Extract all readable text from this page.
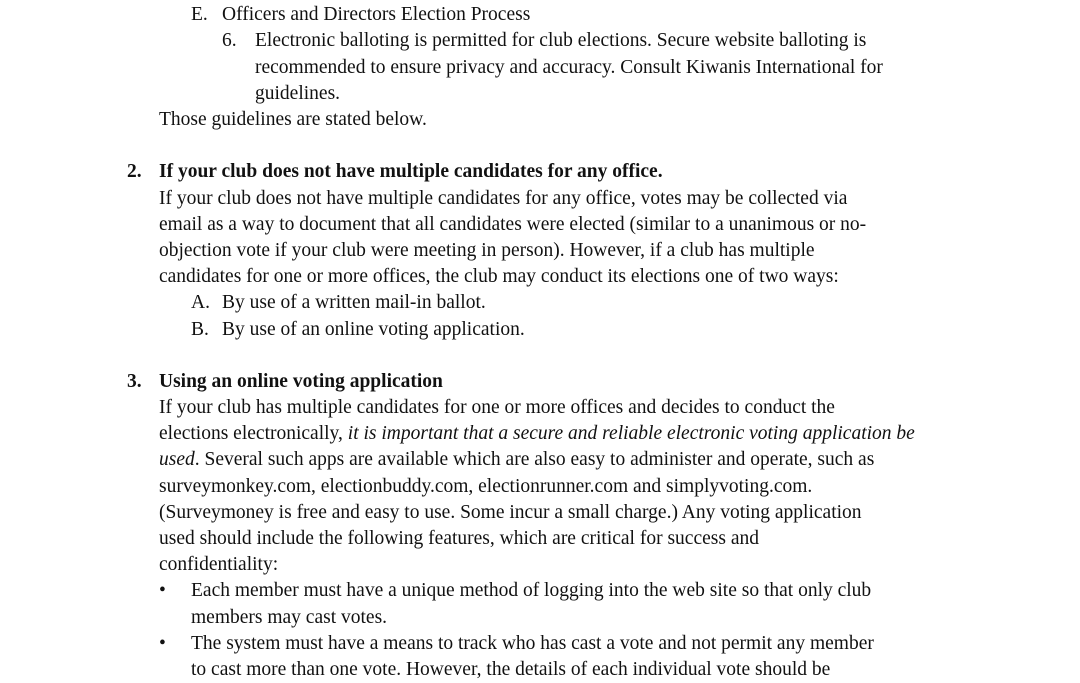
E. Officers and Directors Election Process
6. Electronic balloting is permitted for club elections. Secure website balloting is
recommended to ensure privacy and accuracy. Consult Kiwanis International for
guidelines.
Those guidelines are stated below.
2. If your club does not have multiple candidates for any office.
If your club does not have multiple candidates for any office, votes may be collected via
email as a way to document that all candidates were elected (similar to a unanimous or no-
objection vote if your club were meeting in person). However, if a club has multiple
candidates for one or more offices, the club may conduct its elections one of two ways:
A. By use of a written mail-in ballot.
B. By use of an online voting application.
3. Using an online voting application
If your club has multiple candidates for one or more offices and decides to conduct the
elections electronically, it is important that a secure and reliable electronic voting application be
used. Several such apps are available which are also easy to administer and operate, such as
surveymonkey.com, electionbuddy.com, electionrunner.com and simplyvoting.com.
(Surveymoney is free and easy to use. Some incur a small charge.) Any voting application
used should include the following features, which are critical for success and
confidentiality:
• Each member must have a unique method of logging into the web site so that only club
members may cast votes.
• The system must have a means to track who has cast a vote and not permit any member
to cast more than one vote. However, the details of each individual vote should be
